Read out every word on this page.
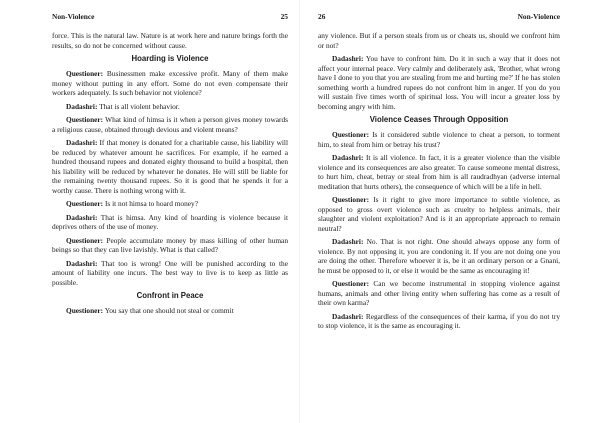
Non-Violence	25

force. This is the natural law. Nature is at work here and nature brings forth the results, so do not be concerned without cause.

Hoarding is Violence

Questioner: Businessmen make excessive profit. Many of them make money without putting in any effort. Some do not even compensate their workers adequately. Is such behavior not violence?

Dadashri: That is all violent behavior.

Questioner: What kind of himsa is it when a person gives money towards a religious cause, obtained through devious and violent means?

Dadashri: If that money is donated for a charitable cause, his liability will be reduced by whatever amount he sacrifices. For example, if he earned a hundred thousand rupees and donated eighty thousand to build a hospital, then his liability will be reduced by whatever he donates. He will still be liable for the remaining twenty thousand rupees. So it is good that he spends it for a worthy cause. There is nothing wrong with it.

Questioner: Is it not himsa to hoard money?

Dadashri: That is himsa. Any kind of hoarding is violence because it deprives others of the use of money.

Questioner: People accumulate money by mass killing of other human beings so that they can live lavishly. What is that called?

Dadashri: That too is wrong! One will be punished according to the amount of liability one incurs. The best way to live is to keep as little as possible.

Confront in Peace

Questioner: You say that one should not steal or commit

26	Non-Violence

any violence. But if a person steals from us or cheats us, should we confront him or not?

Dadashri: You have to confront him. Do it in such a way that it does not affect your internal peace. Very calmly and deliberately ask, 'Brother, what wrong have I done to you that you are stealing from me and hurting me?' If he has stolen something worth a hundred rupees do not confront him in anger. If you do you will sustain five times worth of spiritual loss. You will incur a greater loss by becoming angry with him.

Violence Ceases Through Opposition

Questioner: Is it considered subtle violence to cheat a person, to torment him, to steal from him or betray his trust?

Dadashri: It is all violence. In fact, it is a greater violence than the visible violence and its consequences are also greater. To cause someone mental distress, to hurt him, cheat, betray or steal from him is all raudradhyan (adverse internal meditation that hurts others), the consequence of which will be a life in hell.

Questioner: Is it right to give more importance to subtle violence, as opposed to gross overt violence such as cruelty to helpless animals, their slaughter and violent exploitation? And is it an appropriate approach to remain neutral?

Dadashri: No. That is not right. One should always oppose any form of violence. By not opposing it, you are condoning it. If you are not doing one you are doing the other. Therefore whoever it is, be it an ordinary person or a Gnani, he must be opposed to it, or else it would be the same as encouraging it!

Questioner: Can we become instrumental in stopping violence against humans, animals and other living entity when suffering has come as a result of their own karma?

Dadashri: Regardless of the consequences of their karma, if you do not try to stop violence, it is the same as encouraging it.
